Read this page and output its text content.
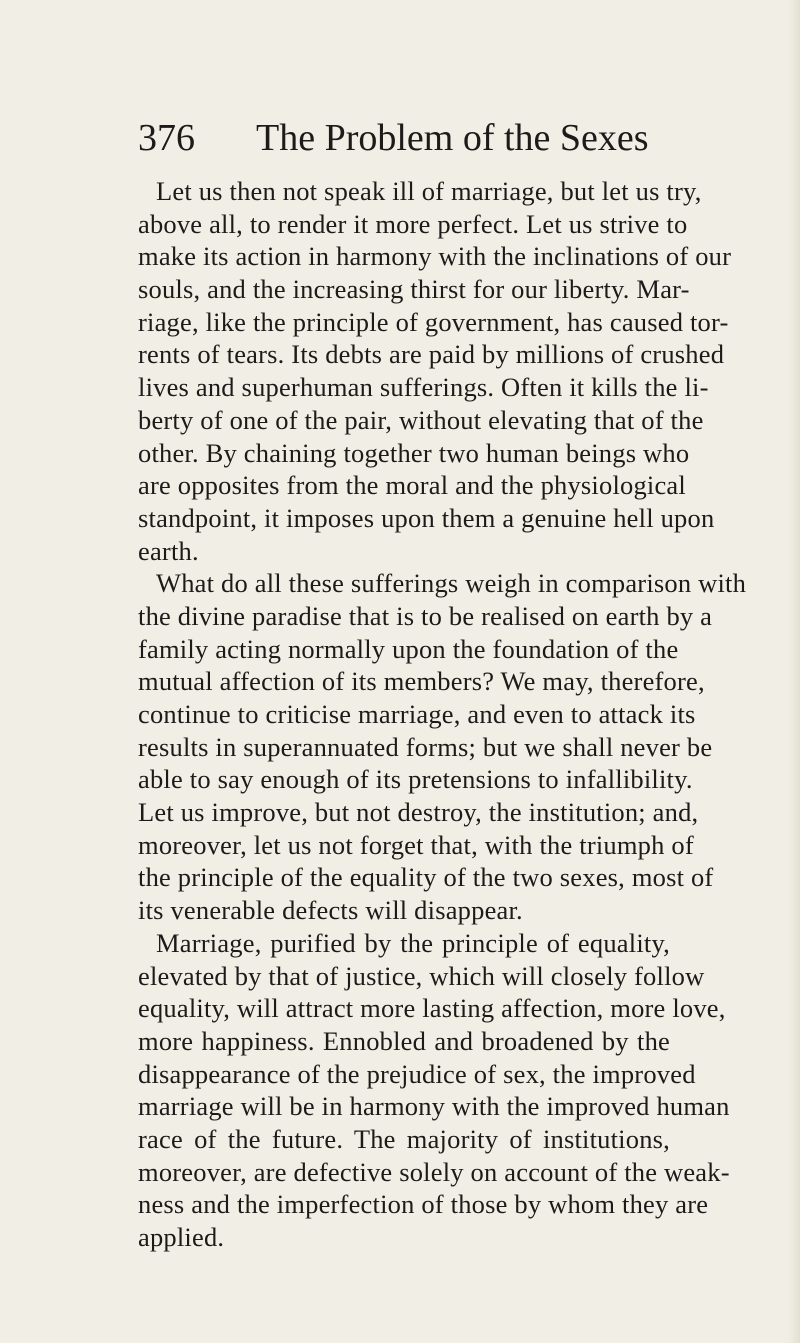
376 The Problem of the Sexes
Let us then not speak ill of marriage, but let us try,
above all, to render it more perfect. Let us strive to
make its action in harmony with the inclinations of our
souls, and the increasing thirst for our liberty. Mar-
riage, like the principle of government, has caused tor-
rents of tears. Its debts are paid by millions of crushed
lives and superhuman sufferings. Often it kills the li-
berty of one of the pair, without elevating that of the
other. By chaining together two human beings who
are opposites from the moral and the physiological
standpoint, it imposes upon them a genuine hell upon
earth.
What do all these sufferings weigh in comparison with
the divine paradise that is to be realised on earth by a
family acting normally upon the foundation of the
mutual affection of its members? We may, therefore,
continue to criticise marriage, and even to attack its
results in superannuated forms; but we shall never be
able to say enough of its pretensions to infallibility.
Let us improve, but not destroy, the institution; and,
moreover, let us not forget that, with the triumph of
the principle of the equality of the two sexes, most of
its venerable defects will disappear.
Marriage, purified by the principle of equality,
elevated by that of justice, which will closely follow
equality, will attract more lasting affection, more love,
more happiness. Ennobled and broadened by the
disappearance of the prejudice of sex, the improved
marriage will be in harmony with the improved human
race of the future. The majority of institutions,
moreover, are defective solely on account of the weak-
ness and the imperfection of those by whom they are
applied.
